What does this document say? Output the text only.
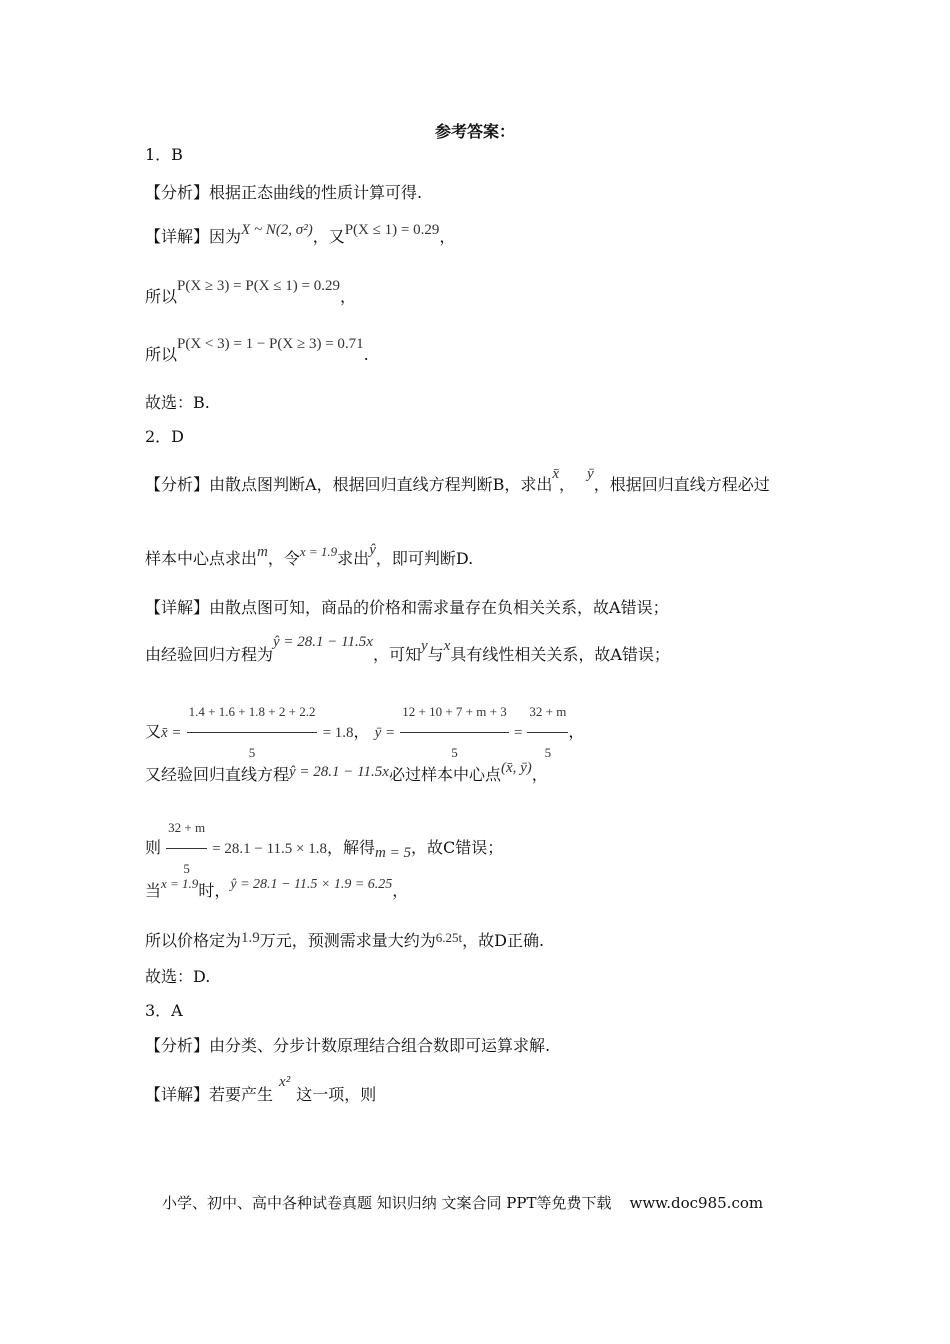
参考答案：
1．B
【分析】根据正态曲线的性质计算可得.
【详解】因为X ~ N(2, σ²)，又P(X ≤ 1) = 0.29，
所以P(X ≥ 3) = P(X ≤ 1) = 0.29，
所以P(X < 3) = 1 − P(X ≥ 3) = 0.71.
故选：B.
2．D
【分析】由散点图判断A，根据回归直线方程判断B，求出x̄，ȳ，根据回归直线方程必过
样本中心点求出m，令$^{x = 1.9}$求出ŷ，即可判断D.
【详解】由散点图可知，商品的价格和需求量存在负相关关系，故A错误；
由经验回归方程为ŷ = 28.1 − 11.5x，可知y与x具有线性相关关系，故A错误；
又x̄ = $\frac{1.4 + 1.6 + 1.8 + 2 + 2.2}{5} = 1.8$， ȳ = $\frac{12 + 10 + 7 + m + 3}{5} = \frac{32 + m}{5}$ ，
又经验回归直线方程ŷ = 28.1 − 11.5x必过样本中心点(x̄, ȳ)，
则 $\frac{32 + m}{5} = 28.1 - 11.5 \times 1.8$，解得m = 5，故C错误；
当$^{x = 1.9}$时，ŷ = 28.1 − 11.5 × 1.9 = 6.25，
所以价格定为1.9万元，预测需求量大约为$^{6.25t}$，故D正确.
故选：D.
3．A
【分析】由分类、分步计数原理结合组合数即可运算求解.
【详解】若要产生x²这一项，则
小学、初中、高中各种试卷真题 知识归纳 文案合同 PPT等免费下载 www.doc985.com
